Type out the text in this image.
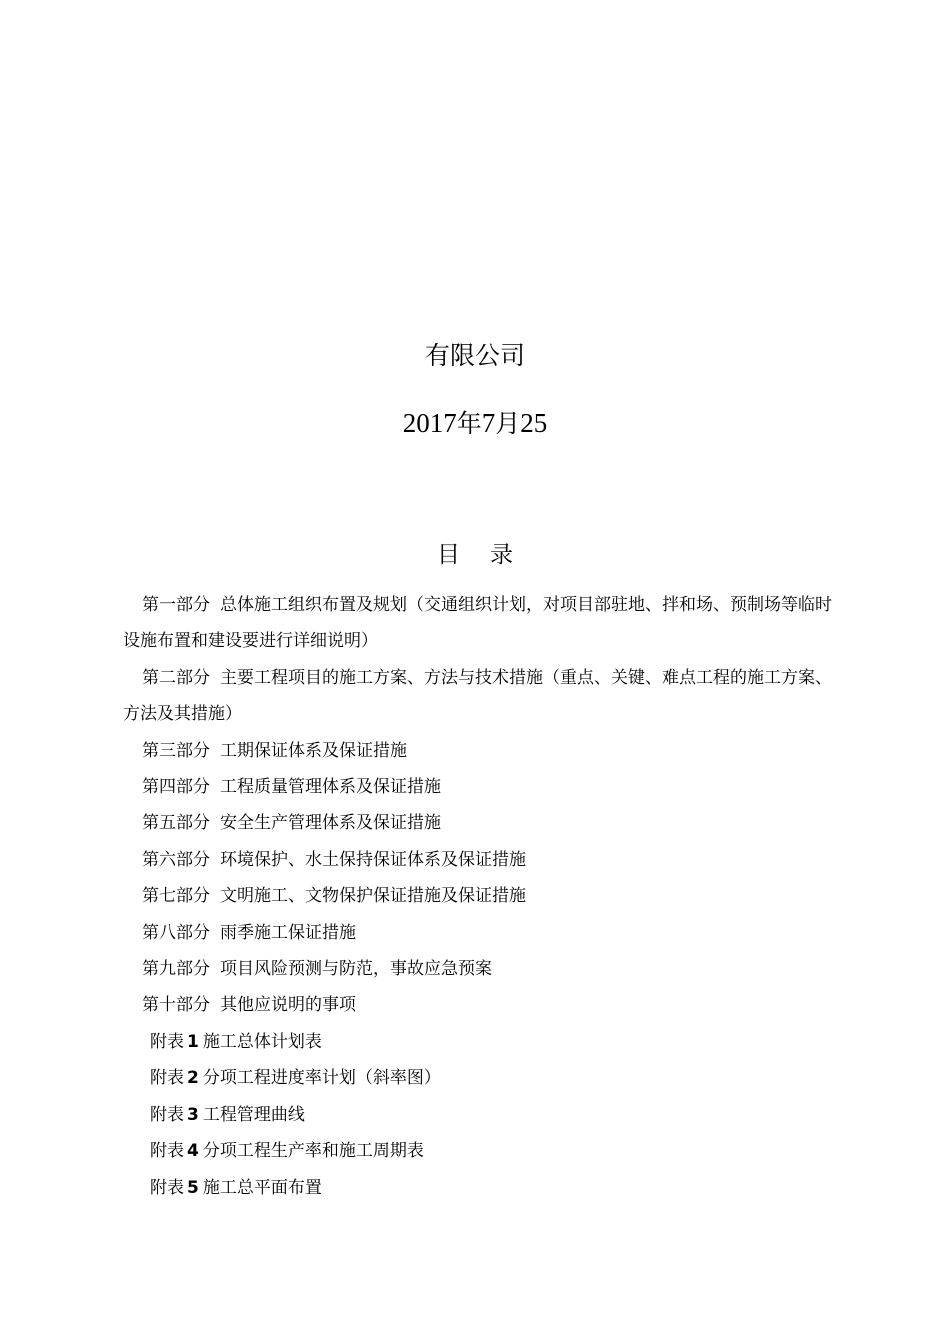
有限公司
2017年7月25
目 录
第一部分 总体施工组织布置及规划（交通组织计划，对项目部驻地、拌和场、预制场等临时设施布置和建设要进行详细说明）
第二部分 主要工程项目的施工方案、方法与技术措施（重点、关键、难点工程的施工方案、方法及其措施）
第三部分 工期保证体系及保证措施
第四部分 工程质量管理体系及保证措施
第五部分 安全生产管理体系及保证措施
第六部分 环境保护、水土保持保证体系及保证措施
第七部分 文明施工、文物保护保证措施及保证措施
第八部分 雨季施工保证措施
第九部分 项目风险预测与防范，事故应急预案
第十部分 其他应说明的事项
附表 1 施工总体计划表
附表 2 分项工程进度率计划（斜率图）
附表 3 工程管理曲线
附表 4 分项工程生产率和施工周期表
附表 5 施工总平面布置
